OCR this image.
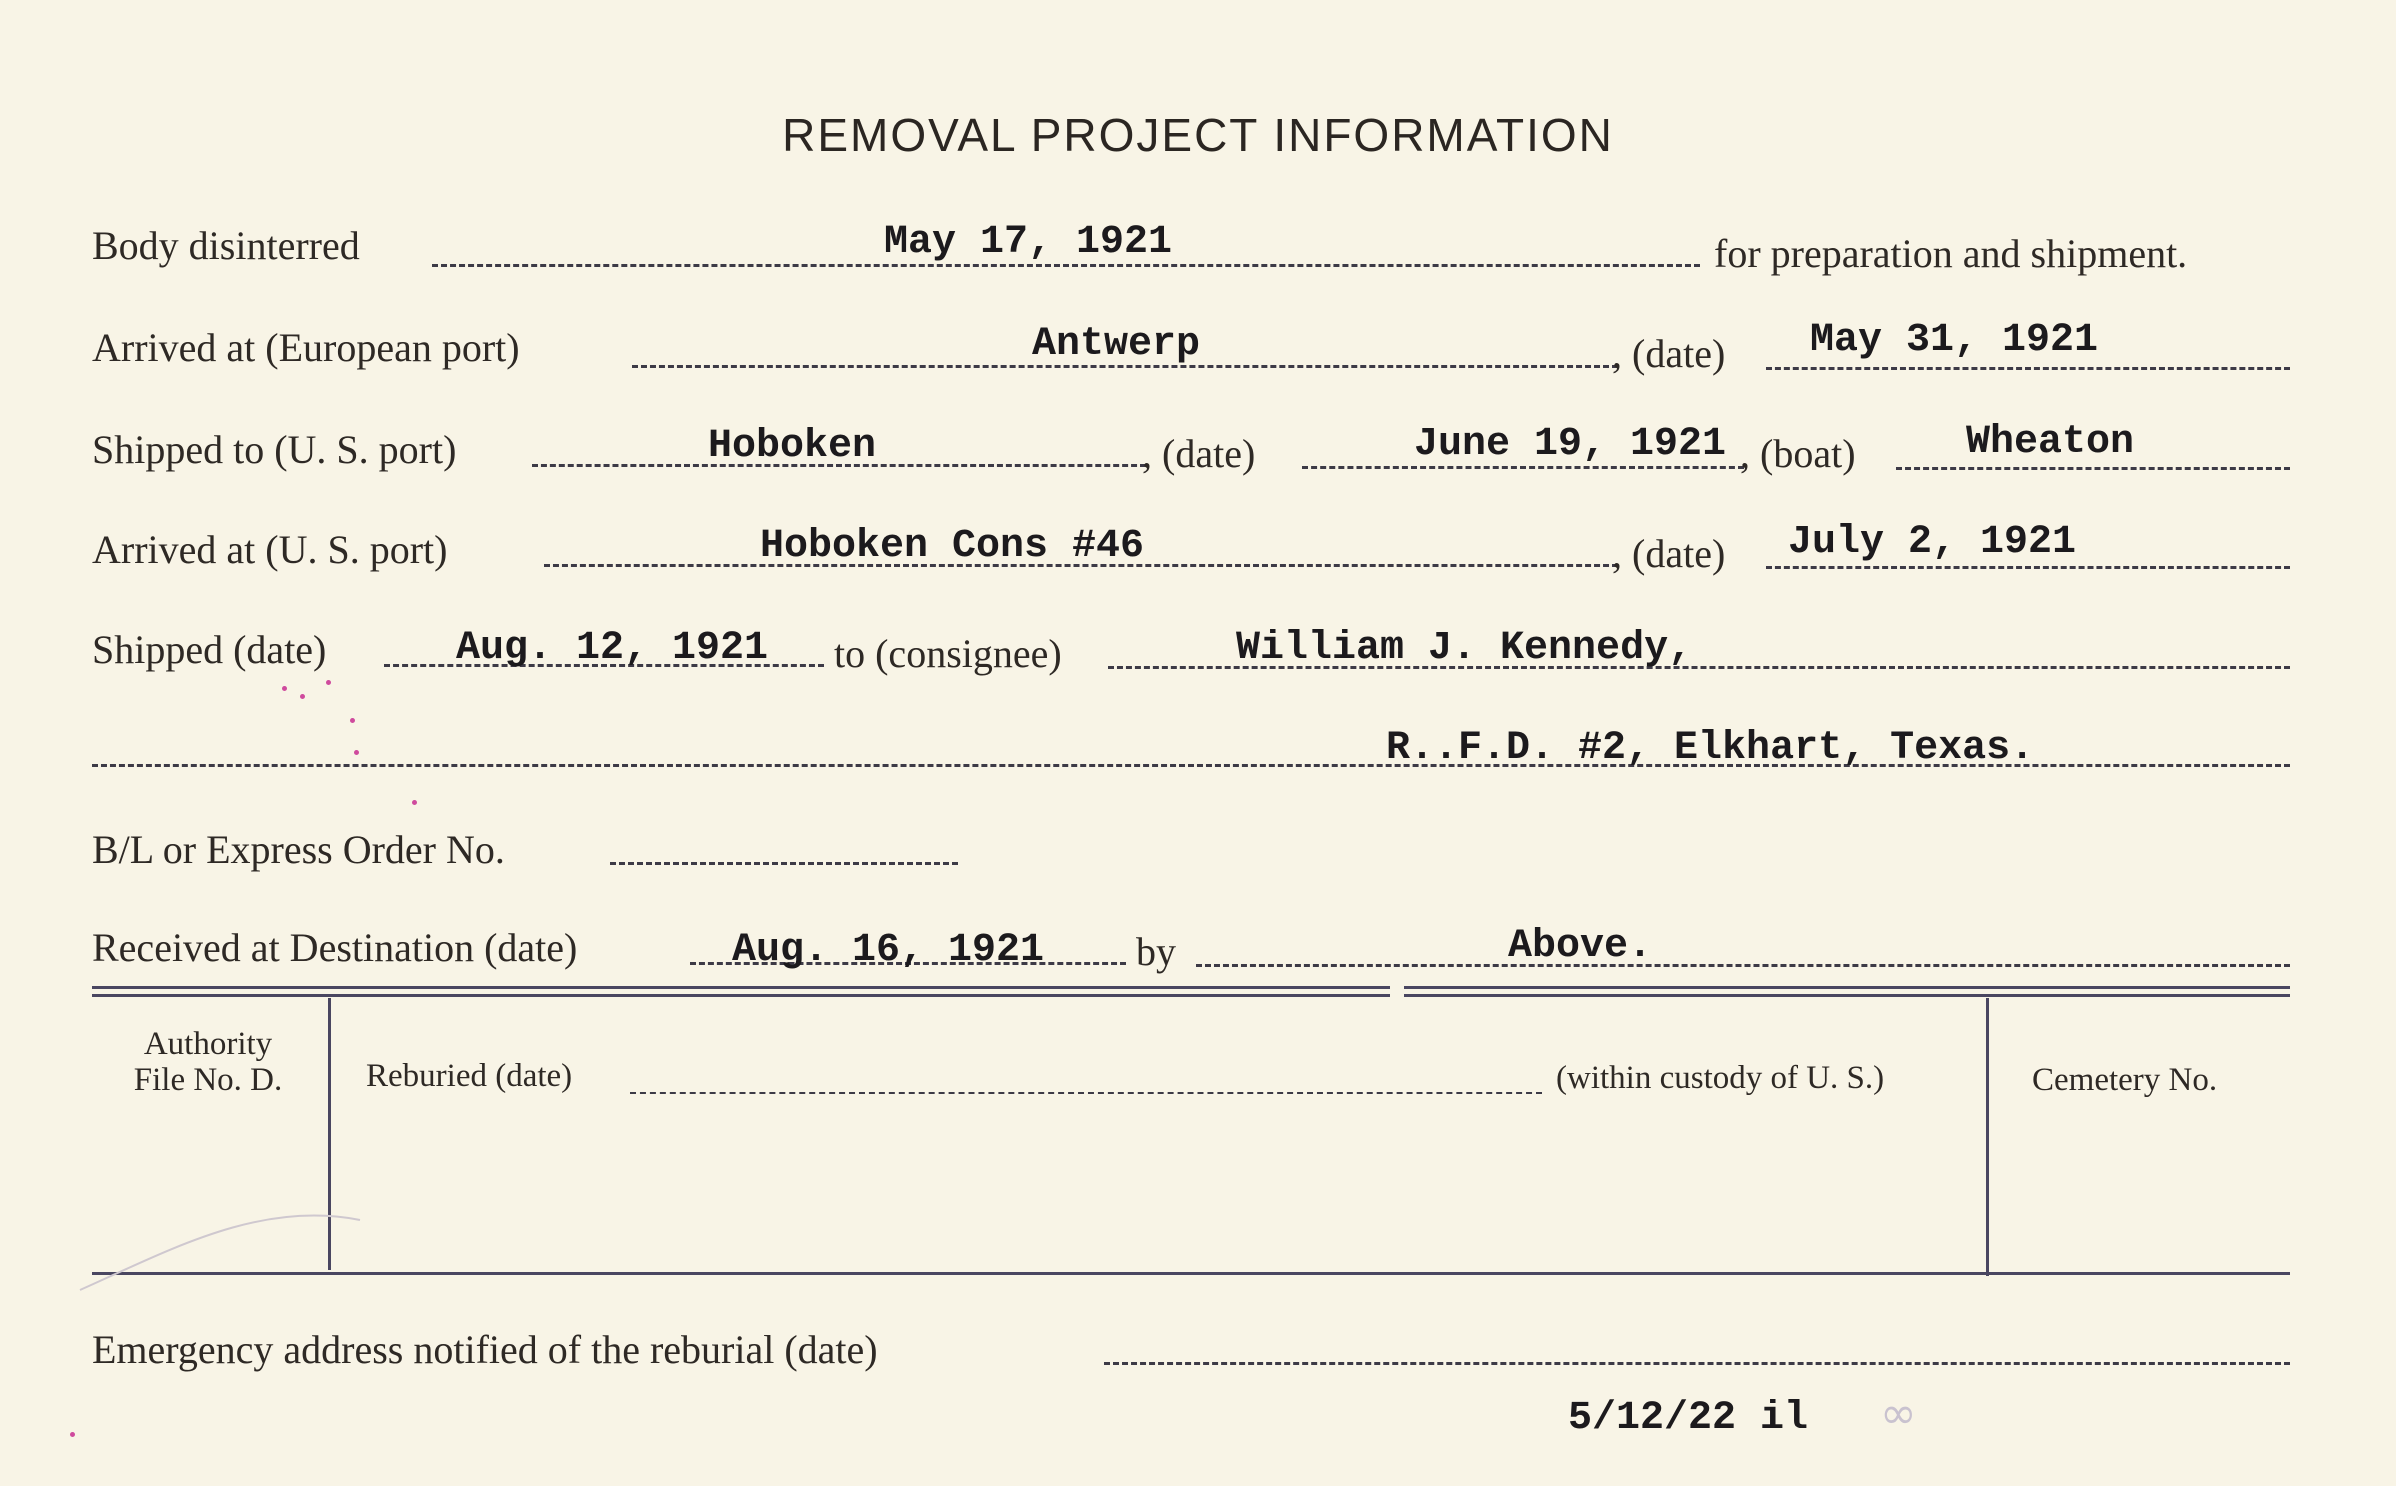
REMOVAL PROJECT INFORMATION
Body disinterred	May 17, 1921	for preparation and shipment.
Arrived at (European port)	Antwerp	, (date) May 31, 1921
Shipped to (U. S. port)	Hoboken	, (date)	June 19, 1921 , (boat)	Wheaton
Arrived at (U. S. port)	Hoboken Cons #46	, (date) July 2, 1921
Shipped (date)	Aug. 12, 1921 to (consignee)	William J. Kennedy,
R..F.D. #2, Elkhart, Texas.
B/L or Express Order No.
Received at Destination (date)	Aug. 16, 1921 by	Above.
Authority
File No. D.	Reburied (date)	(within custody of U. S.)	Cemetery No.
Emergency address notified of the reburial (date)
5/12/22 il ∞
